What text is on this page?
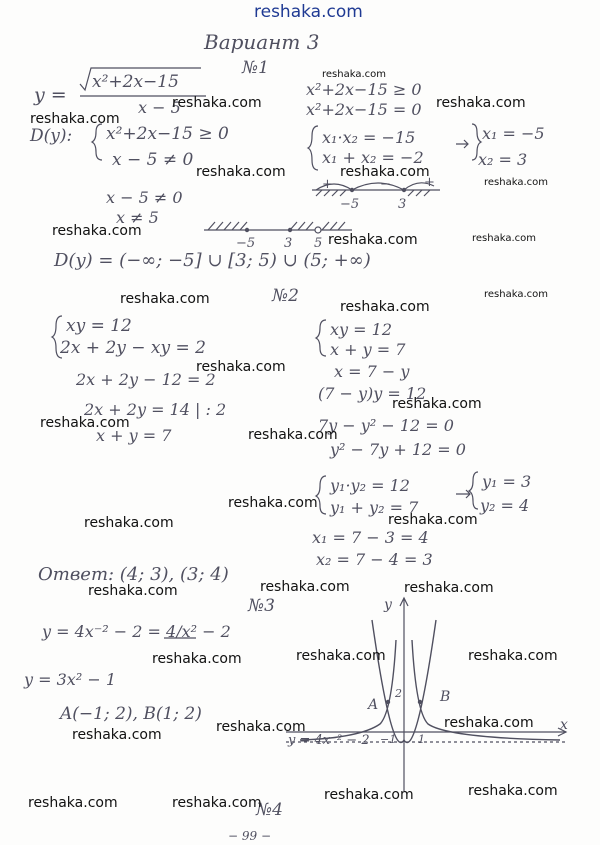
reshaka.com
Вариант 3
№1
y =
x²+2x−15
x − 5
D(y): x²+2x−15 ≥ 0
x − 5 ≠ 0
x − 5 ≠ 0
x ≠ 5
x²+2x−15 ≥ 0
x²+2x−15 = 0
x₁·x₂ = −15
x₁ + x₂ = −2
x₁ = −5
x₂ = 3
+	−	+
−5	3
−5 3 5
D(y) = (−∞; −5] ∪ [3; 5) ∪ (5; +∞)
№2
xy = 12
2x + 2y − xy = 2
2x + 2y − 12 = 2
2x + 2y = 14 | : 2
x + y = 7
xy = 12
x + y = 7
x = 7 − y
(7 − y)y = 12
7y − y² − 12 = 0
y² − 7y + 12 = 0
y₁·y₂ = 12
y₁ + y₂ = 7
y₁ = 3
y₂ = 4
x₁ = 7 − 3 = 4
x₂ = 7 − 4 = 3
Ответ: (4; 3), (3; 4)
№3
y = 4x⁻² − 2 = 4/x² − 2
y = 3x² − 1
A(−1; 2), B(1; 2)
y
x
A	B
2
−1 1
y = 4x⁻² − 2
№4
− 99 −
reshaka.com
reshaka.com	reshaka.com
reshaka.com
reshaka.com	reshaka.com
reshaka.com
reshaka.com
reshaka.com	reshaka.com
reshaka.com	reshaka.com
reshaka.com
reshaka.com
reshaka.com
reshaka.com
reshaka.com
reshaka.com
reshaka.com
reshaka.com
reshaka.com	reshaka.com	reshaka.com
reshaka.com	reshaka.com	reshaka.com
reshaka.com
reshaka.com
reshaka.com
reshaka.com	reshaka.com	reshaka.com	reshaka.com
